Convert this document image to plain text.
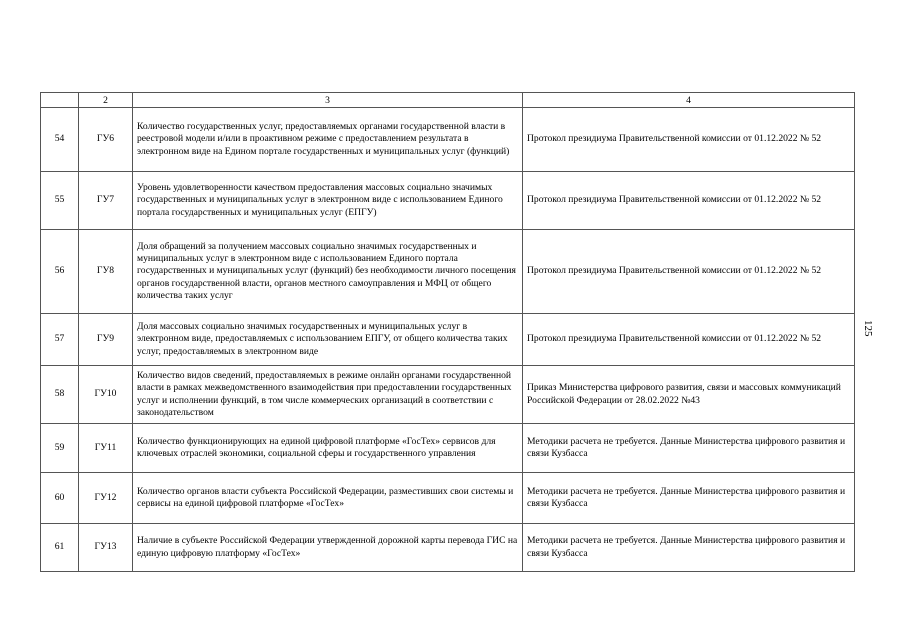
	2	3	4
54	ГУ6	Количество государственных услуг, предоставляемых органами государственной власти в реестровой модели и/или в проактивном режиме с предоставлением результата в электронном виде на Едином портале государственных и муниципальных услуг (функций)	Протокол президиума Правительственной комиссии от 01.12.2022 № 52
55	ГУ7	Уровень удовлетворенности качеством предоставления массовых социально значимых государственных и муниципальных услуг в электронном виде с использованием Единого портала государственных и муниципальных услуг (ЕПГУ)	Протокол президиума Правительственной комиссии от 01.12.2022 № 52
56	ГУ8	Доля обращений за получением массовых социально значимых государственных и муниципальных услуг в электронном виде с использованием Единого портала государственных и муниципальных услуг (функций) без необходимости личного посещения органов государственной власти, органов местного самоуправления и МФЦ от общего количества таких услуг	Протокол президиума Правительственной комиссии от 01.12.2022 № 52
57	ГУ9	Доля массовых социально значимых государственных и муниципальных услуг в электронном виде, предоставляемых с использованием ЕПГУ, от общего количества таких услуг, предоставляемых в электронном виде	Протокол президиума Правительственной комиссии от 01.12.2022 № 52
58	ГУ10	Количество видов сведений, предоставляемых в режиме онлайн органами государственной власти в рамках межведомственного взаимодействия при предоставлении государственных услуг и исполнении функций, в том числе коммерческих организаций в соответствии с законодательством	Приказ Министерства цифрового развития, связи и массовых коммуникаций Российской Федерации от 28.02.2022 №43
59	ГУ11	Количество функционирующих на единой цифровой платформе «ГосТех» сервисов для ключевых отраслей экономики, социальной сферы и государственного управления	Методики расчета не требуется. Данные Министерства цифрового развития и связи Кузбасса
60	ГУ12	Количество органов власти субъекта Российской Федерации, разместивших свои системы и сервисы на единой цифровой платформе «ГосТех»	Методики расчета не требуется. Данные Министерства цифрового развития и связи Кузбасса
61	ГУ13	Наличие в субъекте Российской Федерации утвержденной дорожной карты перевода ГИС на единую цифровую платформу «ГосТех»	Методики расчета не требуется. Данные Министерства цифрового развития и связи Кузбасса
125
